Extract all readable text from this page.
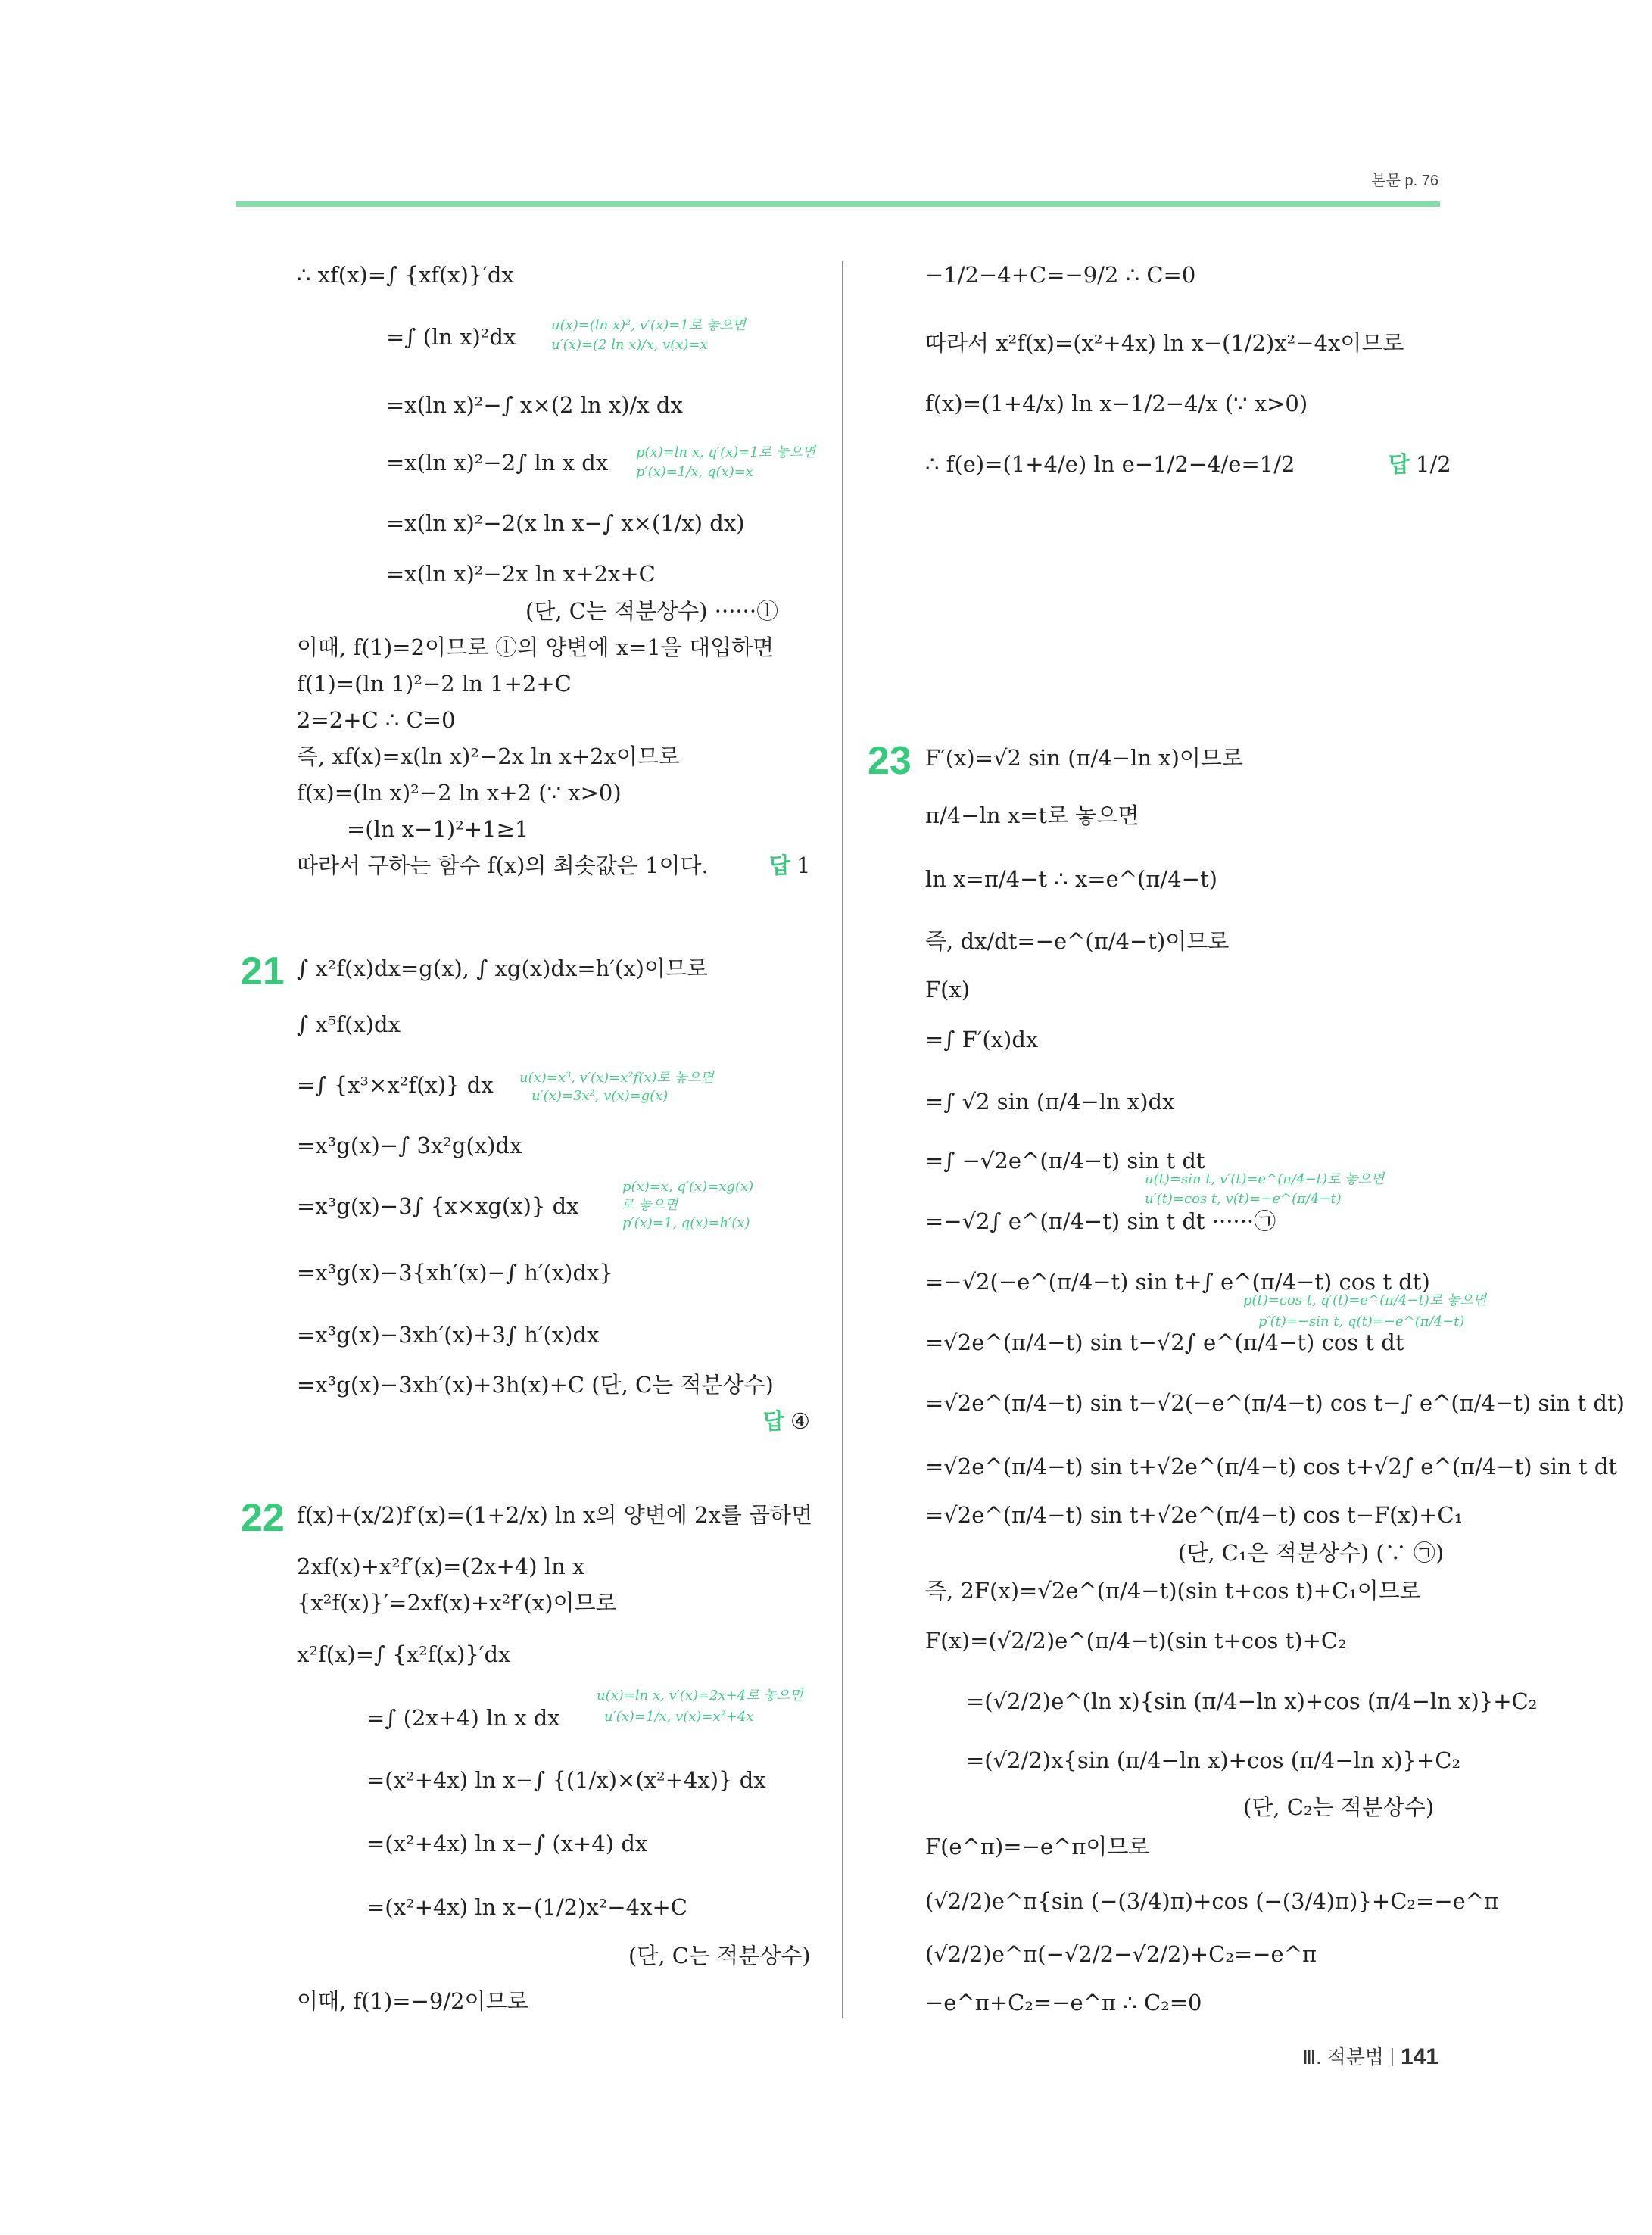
본문 p. 76
∴ xf(x)=∫ {xf(x)}′dx
=∫ (ln x)²dx	u(x)=(ln x)², v′(x)=1로 놓으면
u′(x)=(2 ln x)/x, v(x)=x
=x(ln x)²−∫ x×(2 ln x)/x dx
=x(ln x)²−2∫ ln x dx p(x)=ln x, q′(x)=1로 놓으면
p′(x)=1/x, q(x)=x
=x(ln x)²−2(x ln x−∫ x×(1/x) dx)
=x(ln x)²−2x ln x+2x+C
(단, C는 적분상수) ······ⓛ
이때, f(1)=2이므로 ⓛ의 양변에 x=1을 대입하면
f(1)=(ln 1)²−2 ln 1+2+C
2=2+C ∴ C=0
즉, xf(x)=x(ln x)²−2x ln x+2x이므로
f(x)=(ln x)²−2 ln x+2 (∵ x>0)
=(ln x−1)²+1≥1
따라서 구하는 함수 f(x)의 최솟값은 1이다.	답 1
21 ∫ x²f(x)dx=g(x), ∫ xg(x)dx=h′(x)이므로
∫ x⁵f(x)dx
=∫ {x³×x²f(x)} dx u(x)=x³, v′(x)=x²f(x)로 놓으면
u′(x)=3x², v(x)=g(x)
=x³g(x)−∫ 3x²g(x)dx
=x³g(x)−3∫ {x×xg(x)} dx
p(x)=x, q′(x)=xg(x)
로 놓으면
p′(x)=1, q(x)=h′(x)
=x³g(x)−3{xh′(x)−∫ h′(x)dx}
=x³g(x)−3xh′(x)+3∫ h′(x)dx
=x³g(x)−3xh′(x)+3h(x)+C (단, C는 적분상수)
답 ④
22 f(x)+(x/2)f′(x)=(1+2/x) ln x의 양변에 2x를 곱하면
2xf(x)+x²f′(x)=(2x+4) ln x
{x²f(x)}′=2xf(x)+x²f′(x)이므로
x²f(x)=∫ {x²f(x)}′dx
=∫ (2x+4) ln x dx
u(x)=ln x, v′(x)=2x+4로 놓으면
u′(x)=1/x, v(x)=x²+4x
=(x²+4x) ln x−∫ {(1/x)×(x²+4x)} dx
=(x²+4x) ln x−∫ (x+4) dx
=(x²+4x) ln x−(1/2)x²−4x+C
(단, C는 적분상수)
이때, f(1)=−9/2이므로
−1/2−4+C=−9/2 ∴ C=0
따라서 x²f(x)=(x²+4x) ln x−(1/2)x²−4x이므로
f(x)=(1+4/x) ln x−1/2−4/x (∵ x>0)
∴ f(e)=(1+4/e) ln e−1/2−4/e=1/2	답 1/2
23 F′(x)=√2 sin (π/4−ln x)이므로
π/4−ln x=t로 놓으면
ln x=π/4−t ∴ x=e^(π/4−t)
즉, dx/dt=−e^(π/4−t)이므로
F(x)
=∫ F′(x)dx
=∫ √2 sin (π/4−ln x)dx
=∫ −√2e^(π/4−t) sin t dt
u(t)=sin t, v′(t)=e^(π/4−t)로 놓으면
u′(t)=cos t, v(t)=−e^(π/4−t)
=−√2∫ e^(π/4−t) sin t dt ······㉠
=−√2(−e^(π/4−t) sin t+∫ e^(π/4−t) cos t dt)
p(t)=cos t, q′(t)=e^(π/4−t)로 놓으면
p′(t)=−sin t, q(t)=−e^(π/4−t)
=√2e^(π/4−t) sin t−√2∫ e^(π/4−t) cos t dt
=√2e^(π/4−t) sin t−√2(−e^(π/4−t) cos t−∫ e^(π/4−t) sin t dt)
=√2e^(π/4−t) sin t+√2e^(π/4−t) cos t+√2∫ e^(π/4−t) sin t dt
=√2e^(π/4−t) sin t+√2e^(π/4−t) cos t−F(x)+C₁
(단, C₁은 적분상수) (∵ ㉠)
즉, 2F(x)=√2e^(π/4−t)(sin t+cos t)+C₁이므로
F(x)=(√2/2)e^(π/4−t)(sin t+cos t)+C₂
=(√2/2)e^(ln x){sin (π/4−ln x)+cos (π/4−ln x)}+C₂
=(√2/2)x{sin (π/4−ln x)+cos (π/4−ln x)}+C₂
(단, C₂는 적분상수)
F(e^π)=−e^π이므로
(√2/2)e^π{sin (−(3/4)π)+cos (−(3/4)π)}+C₂=−e^π
(√2/2)e^π(−√2/2−√2/2)+C₂=−e^π
−e^π+C₂=−e^π ∴ C₂=0
Ⅲ. 적분법 141
